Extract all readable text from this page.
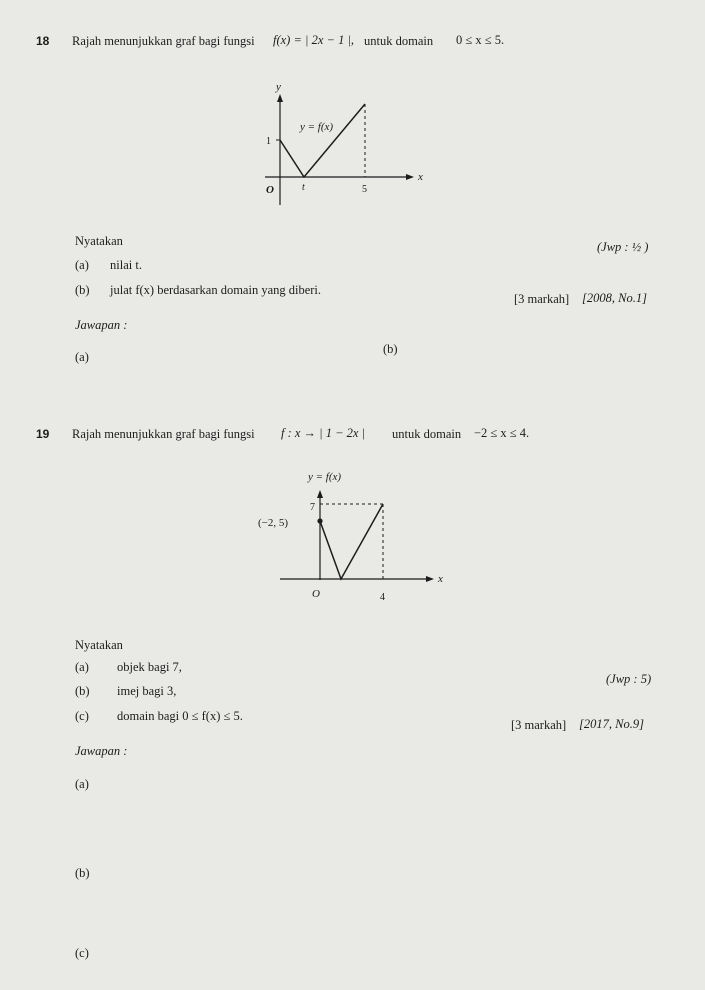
18 Rajah menunjukkan graf bagi fungsi f(x) = | 2x − 1 |, untuk domain 0 ≤ x ≤ 5.
y
x
y = f(x)
1
O	t	5
Nyatakan	(Jwp : ½ )
(a) nilai t.
(b) julat f(x) berdasarkan domain yang diberi.
[3 markah] [2008, No.1]
Jawapan :
(a)
(b)
19 Rajah menunjukkan graf bagi fungsi f : x → | 1 − 2x | untuk domain −2 ≤ x ≤ 4.
y = f(x)
7
(−2, 5)
O	4
x
Nyatakan
(a) objek bagi 7,
(Jwp : 5)
(b) imej bagi 3,
(c) domain bagi 0 ≤ f(x) ≤ 5.
[3 markah] [2017, No.9]
Jawapan :
(a)
(b)
(c)
